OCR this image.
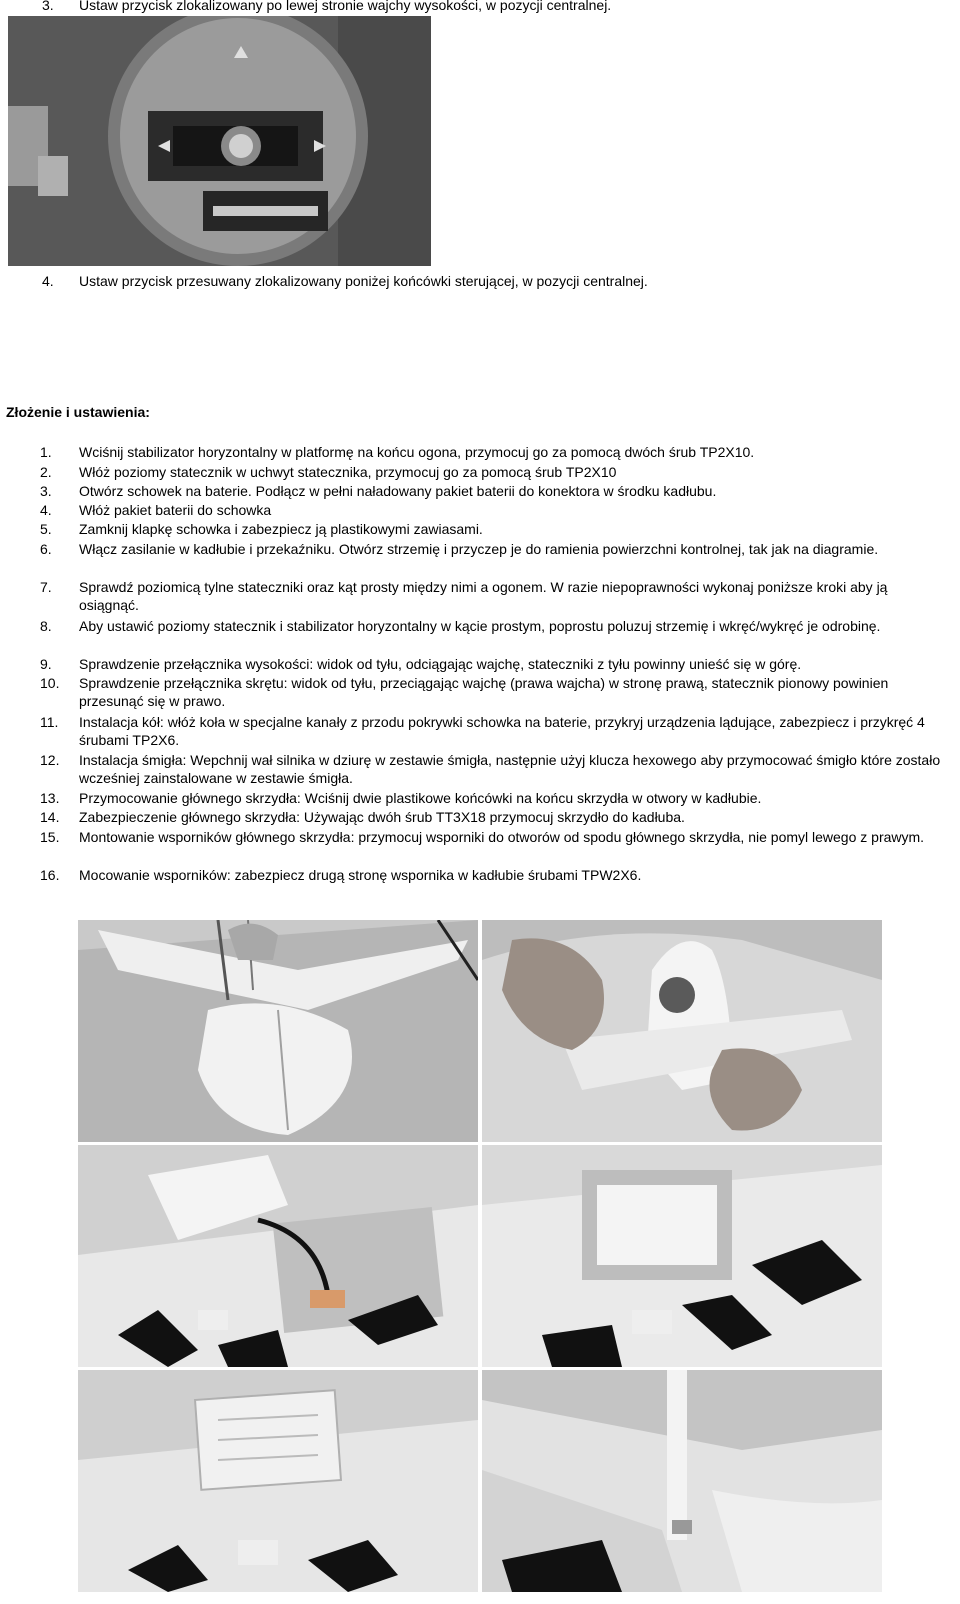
3. Ustaw przycisk zlokalizowany po lewej stronie wajchy wysokości, w pozycji centralnej.
4. Ustaw przycisk przesuwany zlokalizowany poniżej końcówki sterującej, w pozycji centralnej.
Złożenie i ustawienia:
1. Wciśnij stabilizator horyzontalny w platformę na końcu ogona, przymocuj go za pomocą dwóch śrub TP2X10.
2. Włóż poziomy statecznik w uchwyt statecznika, przymocuj go za pomocą śrub TP2X10
3. Otwórz schowek na baterie. Podłącz w pełni naładowany pakiet baterii do konektora w środku kadłubu.
4. Włóż pakiet baterii do schowka
5. Zamknij klapkę schowka i zabezpiecz ją plastikowymi zawiasami.
6. Włącz zasilanie w kadłubie i przekaźniku. Otwórz strzemię i przyczep je do ramienia powierzchni kontrolnej, tak jak na diagramie.
7. Sprawdź poziomicą tylne stateczniki oraz kąt prosty między nimi a ogonem. W razie niepoprawności wykonaj poniższe kroki aby ją osiągnąć.
8. Aby ustawić poziomy statecznik i stabilizator horyzontalny w kącie prostym, poprostu poluzuj strzemię i wkręć/wykręć je odrobinę.
9. Sprawdzenie przełącznika wysokości: widok od tyłu, odciągając wajchę, stateczniki z tyłu powinny unieść się w górę.
10. Sprawdzenie przełącznika skrętu: widok od tyłu, przeciągając wajchę (prawa wajcha) w stronę prawą, statecznik pionowy powinien przesunąć się w prawo.
11. Instalacja kół: włóż koła w specjalne kanały z przodu pokrywki schowka na baterie, przykryj urządzenia lądujące, zabezpiecz i przykręć 4 śrubami TP2X6.
12. Instalacja śmigła: Wepchnij wał silnika w dziurę w zestawie śmigła, następnie użyj klucza hexowego aby przymocować śmigło które zostało wcześniej zainstalowane w zestawie śmigła.
13. Przymocowanie głównego skrzydła: Wciśnij dwie plastikowe końcówki na końcu skrzydła w otwory w kadłubie.
14. Zabezpieczenie głównego skrzydła: Używając dwóh śrub TT3X18 przymocuj skrzydło do kadłuba.
15. Montowanie wsporników głównego skrzydła: przymocuj wsporniki do otworów od spodu głównego skrzydła, nie pomyl lewego z prawym.
16. Mocowanie wsporników: zabezpiecz drugą stronę wspornika w kadłubie śrubami TPW2X6.
